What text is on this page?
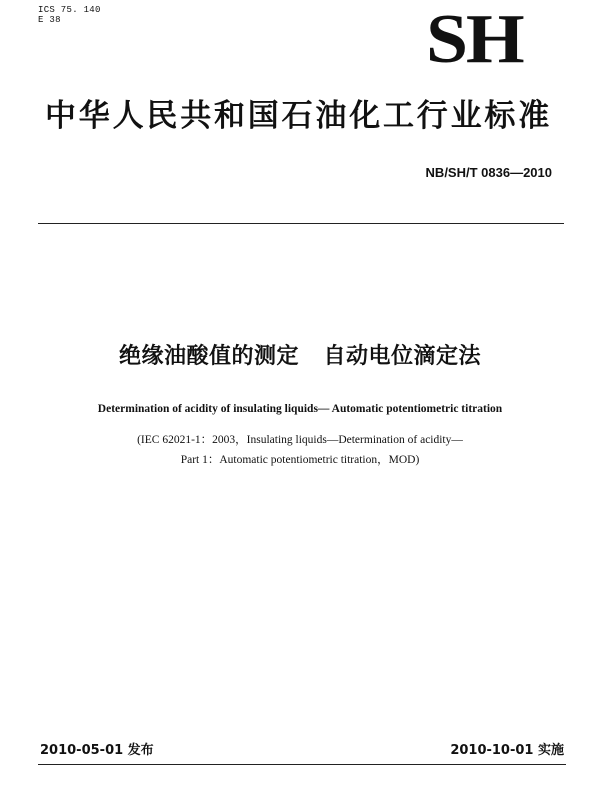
ICS 75. 140
E 38	SH
中华人民共和国石油化工行业标准
NB/SH/T 0836—2010
绝缘油酸值的测定   自动电位滴定法
Determination of acidity of insulating liquids— Automatic potentiometric titration
(IEC 62021-1：2003，Insulating liquids—Determination of acidity—
Part 1：Automatic potentiometric titration，MOD)
2010-05-01 发布	2010-10-01 实施
